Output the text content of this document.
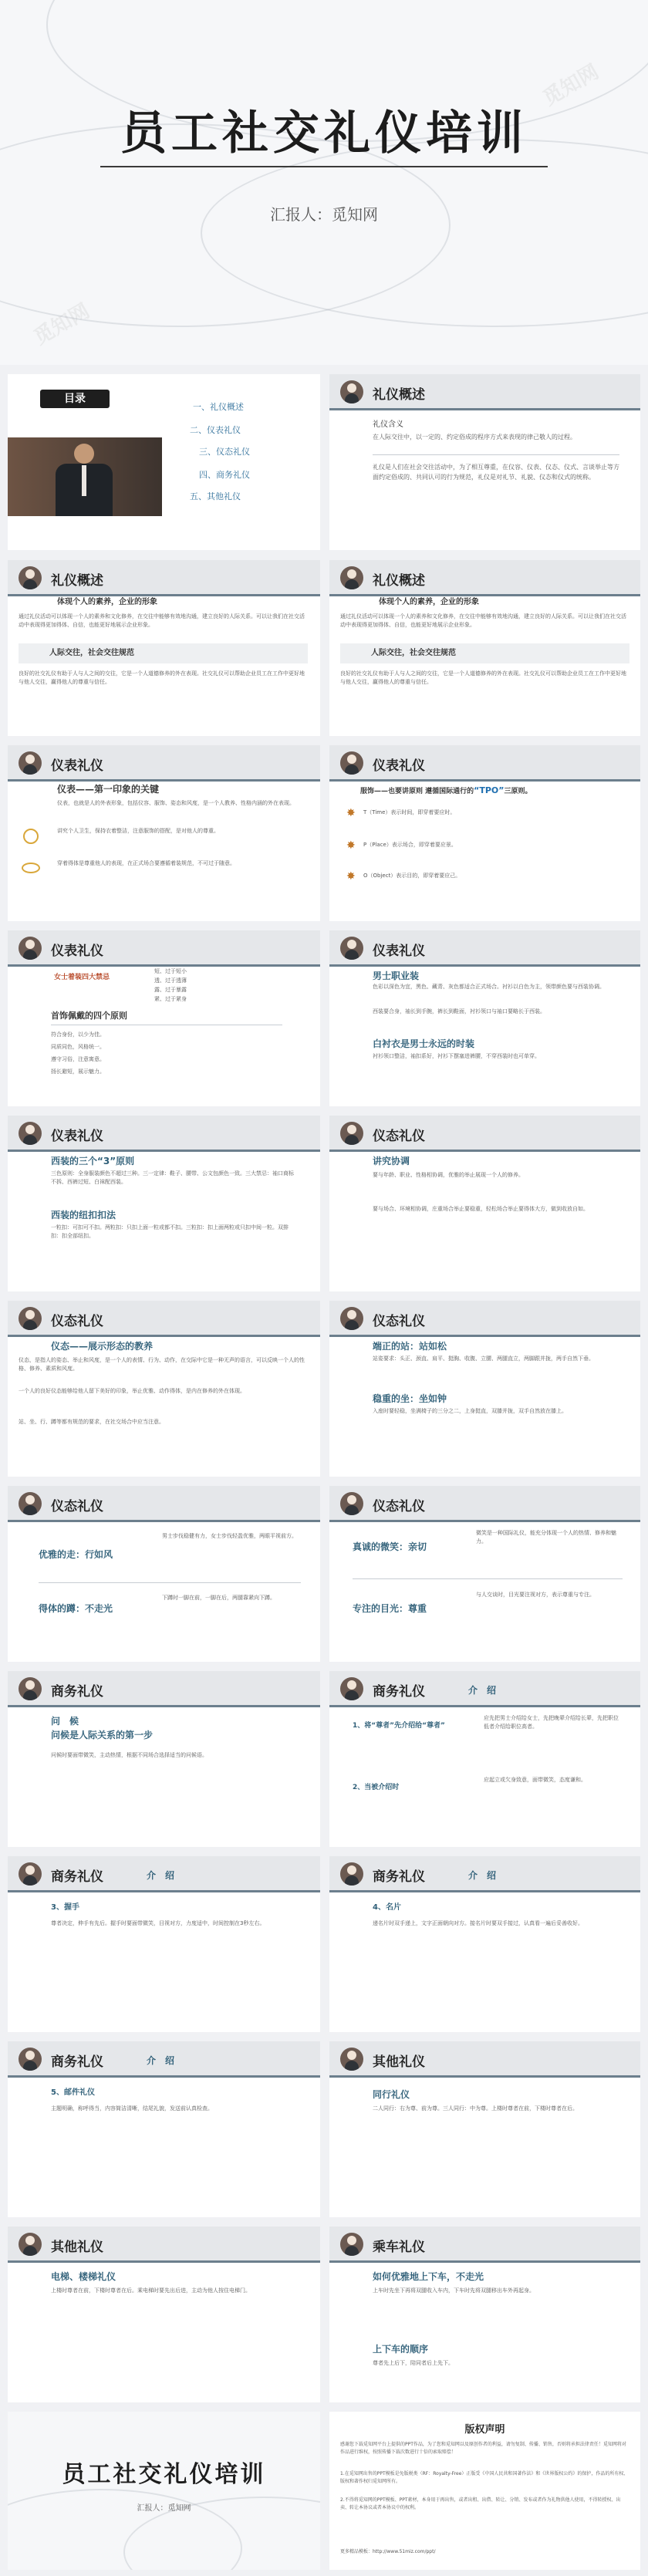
觅知网
觅知网
员工社交礼仪培训
汇报人：觅知网
目录
一、礼仪概述
二、仪表礼仪
三、仪态礼仪
四、商务礼仪
五、其他礼仪
礼仪概述
礼仪含义
在人际交往中，以一定的、约定俗成的程序方式来表现的律己敬人的过程。
礼仪是人们在社会交往活动中，为了相互尊重，在仪容、仪表、仪态、仪式、言谈举止等方面约定俗成的、共同认可的行为规范，礼仪是对礼节、礼貌、仪态和仪式的统称。
礼仪概述
体现个人的素养，企业的形象
通过礼仪活动可以体现一个人的素养和文化修养，在交往中能够有效地沟通，建立良好的人际关系。可以让我们在社交活动中表现得更加得体、自信，也能更好地展示企业形象。
人际交往，社会交往规范
良好的社交礼仪有助于人与人之间的交往，它是一个人道德修养的外在表现。社交礼仪可以帮助企业员工在工作中更好地与他人交往，赢得他人的尊重与信任。
礼仪概述
体现个人的素养，企业的形象
通过礼仪活动可以体现一个人的素养和文化修养，在交往中能够有效地沟通，建立良好的人际关系。可以让我们在社交活动中表现得更加得体、自信，也能更好地展示企业形象。
人际交往，社会交往规范
良好的社交礼仪有助于人与人之间的交往，它是一个人道德修养的外在表现。社交礼仪可以帮助企业员工在工作中更好地与他人交往，赢得他人的尊重与信任。
仪表礼仪
仪表——第一印象的关键
仪表，也就是人的外表形象，包括仪容、服饰、姿态和风度，是一个人教养、性格内涵的外在表现。
讲究个人卫生，保持衣着整洁，注意服饰的搭配，是对他人的尊重。
穿着得体是尊重他人的表现，在正式场合要遵循着装规范，不可过于随意。
仪表礼仪
服饰——也要讲原则 遵循国际通行的“TPO”三原则。
✸ T（Time）表示时间，即穿着要应时。
✸ P（Place）表示场合，即穿着要应景。
✸ O（Object）表示目的，即穿着要应己。
仪表礼仪
女士着装四大禁忌
短、过于短小
透、过于透薄
露、过于暴露
紧、过于紧身
首饰佩戴的四个原则
符合身份，以少为佳。
同质同色，风格统一。
遵守习俗，注意寓意。
扬长避短，展示魅力。
仪表礼仪
男士职业装
色彩以深色为宜，黑色、藏青、灰色都适合正式场合。衬衫以白色为主，领带颜色要与西装协调。
西装要合身，袖长到手腕，裤长到鞋面，衬衫领口与袖口要略长于西装。
白衬衣是男士永远的时装
衬衫领口整洁，袖扣系好，衬衫下摆塞进裤腰，不穿西装时也可单穿。
仪表礼仪
西装的三个“3”原则
三色原则：全身服装颜色不超过三种。三一定律：鞋子、腰带、公文包颜色一致。三大禁忌：袖口商标不拆、西裤过短、白袜配西装。
西装的纽扣扣法
一粒扣：可扣可不扣。两粒扣：只扣上面一粒或都不扣。三粒扣：扣上面两粒或只扣中间一粒。双排扣：扣全部纽扣。
仪态礼仪
讲究协调
要与年龄、职业、性格相协调，优雅的举止展现一个人的修养。
要与场合、环境相协调，庄重场合举止要稳重，轻松场合举止要得体大方，做到收放自如。
仪态礼仪
仪态——展示形态的教养
仪态，是指人的姿态、举止和风度，是一个人的表情、行为、动作，在交际中它是一种无声的语言，可以反映一个人的性格、修养、素质和风度。
一个人的良好仪态能够给他人留下美好的印象，举止优雅、动作得体，是内在修养的外在体现。
站、坐、行、蹲等都有规范的要求，在社交场合中应当注意。
仪态礼仪
端正的站：站如松
站姿要求：头正、颈直、肩平、挺胸、收腹、立腰、两腿直立，两脚跟并拢，两手自然下垂。
稳重的坐：坐如钟
入座时要轻稳，坐满椅子的三分之二，上身挺直，双膝并拢，双手自然放在膝上。
仪态礼仪
优雅的走：行如风
男士步伐稳健有力，女士步伐轻盈优雅，两眼平视前方。
得体的蹲：不走光
下蹲时一脚在前，一脚在后，两腿靠紧向下蹲。
仪态礼仪
真诚的微笑：亲切
微笑是一种国际礼仪，能充分体现一个人的热情、修养和魅力。
专注的目光：尊重
与人交谈时，目光要注视对方，表示尊重与专注。
商务礼仪
问　候
问候是人际关系的第一步
问候时要面带微笑，主动热情，根据不同场合选择适当的问候语。
商务礼仪	介　绍
1、将“尊者”先介绍给“尊者”
应先把男士介绍给女士，先把晚辈介绍给长辈，先把职位低者介绍给职位高者。
2、当被介绍时
应起立或欠身致意，面带微笑，态度谦和。
商务礼仪	介　绍
3、握手
尊者决定，伸手有先后。握手时要面带微笑，目视对方，力度适中，时间控制在3秒左右。
商务礼仪	介　绍
4、名片
递名片时双手递上，文字正面朝向对方。接名片时要双手接过，认真看一遍后妥善收好。
商务礼仪	介　绍
5、邮件礼仪
主题明确，称呼得当，内容简洁清晰，结尾礼貌，发送前认真检查。
其他礼仪
同行礼仪
二人同行：右为尊、前为尊。三人同行：中为尊。上楼时尊者在前，下楼时尊者在后。
其他礼仪
电梯、楼梯礼仪
上楼时尊者在前，下楼时尊者在后。乘电梯时要先出后进，主动为他人按住电梯门。
乘车礼仪
如何优雅地上下车，不走光
上车时先坐下再将双腿收入车内，下车时先将双腿移出车外再起身。
上下车的顺序
尊者先上后下，陪同者后上先下。
员工社交礼仪培训
汇报人：觅知网
版权声明
感谢您下载觅知网平台上提供的PPT作品，为了您和觅知网以及原创作者的利益，请勿复制、传播、销售，否则将承担法律责任！觅知网将对作品进行维权，按照传播下载次数进行十倍的索取赔偿！
1.在觅知网出售的PPT模板是免版税类（RF：Royalty-Free）正版受《中国人民共和国著作法》和《世界版权公约》的保护，作品的所有权、版权和著作权归觅知网所有。
2.不得将觅知网的PPT模板、PPT素材，本身用于再出售，或者出租、出借、转让、分销、发布或者作为礼物供他人使用，不得转授权、出卖、转让本协议或者本协议中的权利。
更多精品模板：http://www.51miz.com/ppt/
